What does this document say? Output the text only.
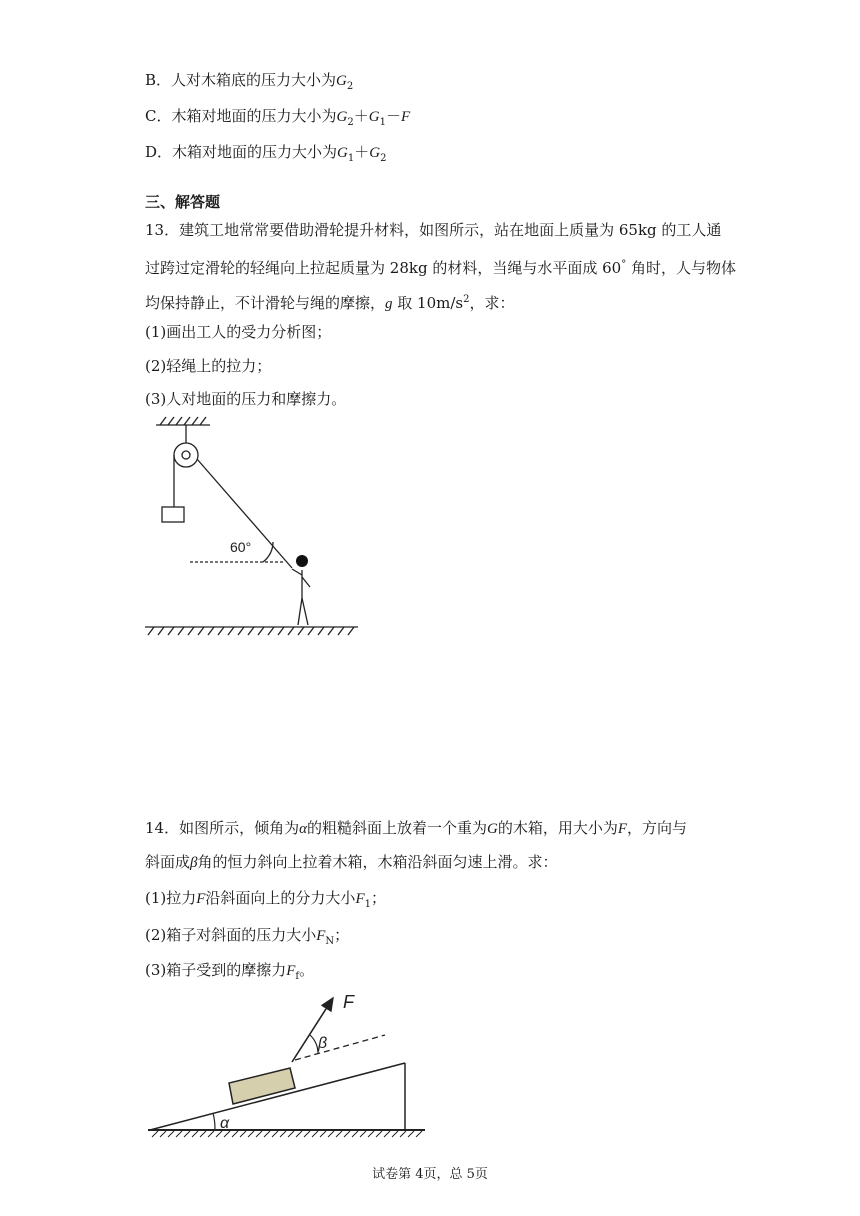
B．人对木箱底的压力大小为$G_2$
C．木箱对地面的压力大小为$G_2+G_1-F$
D．木箱对地面的压力大小为$G_1+G_2$
三、解答题
13．建筑工地常常要借助滑轮提升材料，如图所示，站在地面上质量为 65kg 的工人通
过跨过定滑轮的轻绳向上拉起质量为 28kg 的材料，当绳与水平面成 60° 角时，人与物体
均保持静止，不计滑轮与绳的摩擦，g 取 $10m/s^2$，求：
(1)画出工人的受力分析图；
(2)轻绳上的拉力；
(3)人对地面的压力和摩擦力。
60°
14．如图所示，倾角为α的粗糙斜面上放着一个重为G的木箱，用大小为F，方向与
斜面成β角的恒力斜向上拉着木箱，木箱沿斜面匀速上滑。求：
(1)拉力F沿斜面向上的分力大小$F_1$；
(2)箱子对斜面的压力大小$F_N$；
(3)箱子受到的摩擦力$F_f$。
F
β
α
试卷第 4页，总 5页
